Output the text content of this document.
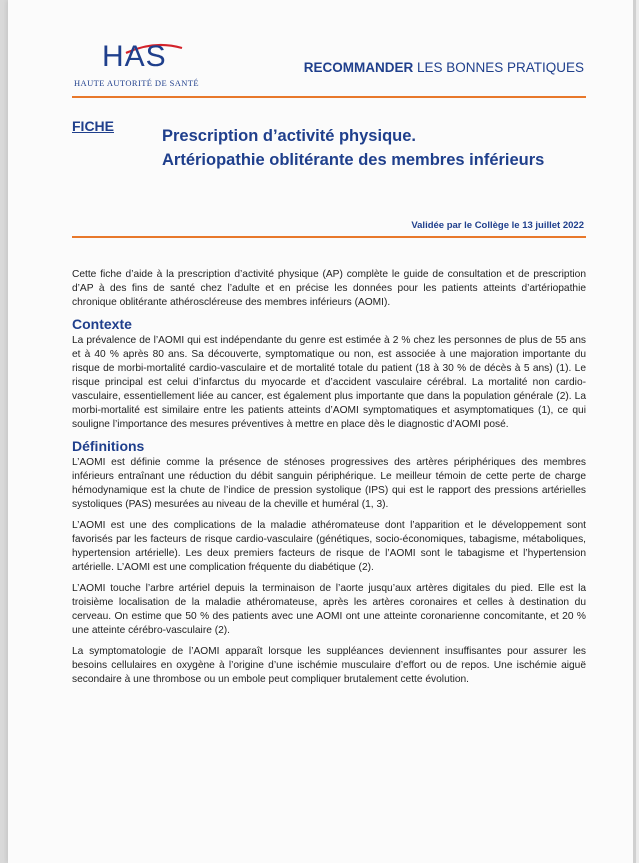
HAS
HAUTE AUTORITÉ DE SANTÉ
RECOMMANDER LES BONNES PRATIQUES
FICHE
Prescription d’activité physique.
Artériopathie oblitérante des membres inférieurs
Validée par le Collège le 13 juillet 2022

Cette fiche d’aide à la prescription d’activité physique (AP) complète le guide de consultation et de prescription d’AP à des fins de santé chez l’adulte et en précise les données pour les patients atteints d’artériopathie chronique oblitérante athéroscléreuse des membres inférieurs (AOMI).

Contexte

La prévalence de l’AOMI qui est indépendante du genre est estimée à 2 % chez les personnes de plus de 55 ans et à 40 % après 80 ans. Sa découverte, symptomatique ou non, est associée à une majoration importante du risque de morbi-mortalité cardio-vasculaire et de mortalité totale du patient (18 à 30 % de décès à 5 ans) (1). Le risque principal est celui d’infarctus du myocarde et d’accident vasculaire cérébral. La mortalité non cardio-vasculaire, essentiellement liée au cancer, est également plus importante que dans la population générale (2). La morbi-mortalité est similaire entre les patients atteints d’AOMI symptomatiques et asymptomatiques (1), ce qui souligne l’importance des mesures préventives à mettre en place dès le diagnostic d’AOMI posé.

Définitions

L’AOMI est définie comme la présence de sténoses progressives des artères périphériques des membres inférieurs entraînant une réduction du débit sanguin périphérique. Le meilleur témoin de cette perte de charge hémodynamique est la chute de l’indice de pression systolique (IPS) qui est le rapport des pressions artérielles systoliques (PAS) mesurées au niveau de la cheville et huméral (1, 3).

L’AOMI est une des complications de la maladie athéromateuse dont l’apparition et le développement sont favorisés par les facteurs de risque cardio-vasculaire (génétiques, socio-économiques, tabagisme, métaboliques, hypertension artérielle). Les deux premiers facteurs de risque de l’AOMI sont le tabagisme et l’hypertension artérielle. L’AOMI est une complication fréquente du diabétique (2).

L’AOMI touche l’arbre artériel depuis la terminaison de l’aorte jusqu’aux artères digitales du pied. Elle est la troisième localisation de la maladie athéromateuse, après les artères coronaires et celles à destination du cerveau. On estime que 50 % des patients avec une AOMI ont une atteinte coronarienne concomitante, et 20 % une atteinte cérébro-vasculaire (2).

La symptomatologie de l’AOMI apparaît lorsque les suppléances deviennent insuffisantes pour assurer les besoins cellulaires en oxygène à l’origine d’une ischémie musculaire d’effort ou de repos. Une ischémie aiguë secondaire à une thrombose ou un embole peut compliquer brutalement cette évolution.
